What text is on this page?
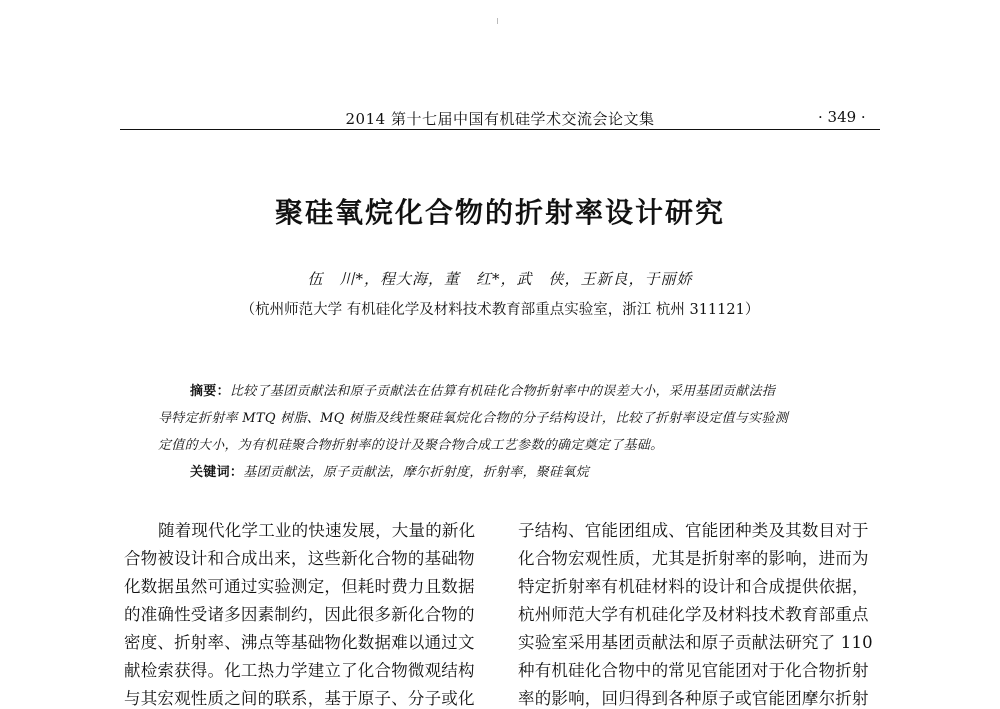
2014 第十七届中国有机硅学术交流会论文集	· 349 ·
聚硅氧烷化合物的折射率设计研究
伍　川*，程大海，董　红*，武　侠，王新良，于丽娇
（杭州师范大学 有机硅化学及材料技术教育部重点实验室，浙江 杭州 311121）
摘要：比较了基团贡献法和原子贡献法在估算有机硅化合物折射率中的误差大小，采用基团贡献法指
导特定折射率 MTQ 树脂、MQ 树脂及线性聚硅氧烷化合物的分子结构设计，比较了折射率设定值与实验测
定值的大小，为有机硅聚合物折射率的设计及聚合物合成工艺参数的确定奠定了基础。
关键词：基团贡献法，原子贡献法，摩尔折射度，折射率，聚硅氧烷
随着现代化学工业的快速发展，大量的新化
合物被设计和合成出来，这些新化合物的基础物
化数据虽然可通过实验测定，但耗时费力且数据
的准确性受诸多因素制约，因此很多新化合物的
密度、折射率、沸点等基础物化数据难以通过文
献检索获得。化工热力学建立了化合物微观结构
与其宏观性质之间的联系，基于原子、分子或化
子结构、官能团组成、官能团种类及其数目对于
化合物宏观性质，尤其是折射率的影响，进而为
特定折射率有机硅材料的设计和合成提供依据，
杭州师范大学有机硅化学及材料技术教育部重点
实验室采用基团贡献法和原子贡献法研究了 110
种有机硅化合物中的常见官能团对于化合物折射
率的影响，回归得到各种原子或官能团摩尔折射
